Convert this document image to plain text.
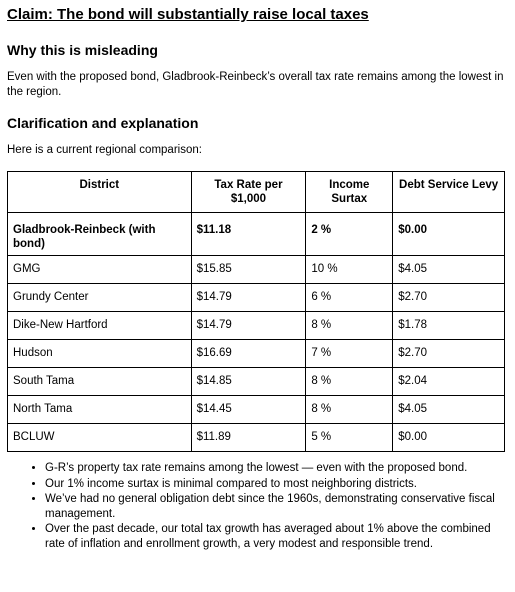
Claim: The bond will substantially raise local taxes
Why this is misleading

Even with the proposed bond, Gladbrook-Reinbeck’s overall tax rate remains among the lowest in the region.

Clarification and explanation

Here is a current regional comparison:

District	Tax Rate per $1,000	Income Surtax	Debt Service Levy
Gladbrook-Reinbeck (with bond)	$11.18	2 %	$0.00
GMG	$15.85	10 %	$4.05
Grundy Center	$14.79	6 %	$2.70
Dike-New Hartford	$14.79	8 %	$1.78
Hudson	$16.69	7 %	$2.70
South Tama	$14.85	8 %	$2.04
North Tama	$14.45	8 %	$4.05
BCLUW	$11.89	5 %	$0.00
• G-R’s property tax rate remains among the lowest — even with the proposed bond.
• Our 1% income surtax is minimal compared to most neighboring districts.
• We’ve had no general obligation debt since the 1960s, demonstrating conservative fiscal management.
• Over the past decade, our total tax growth has averaged about 1% above the combined rate of inflation and enrollment growth, a very modest and responsible trend.
